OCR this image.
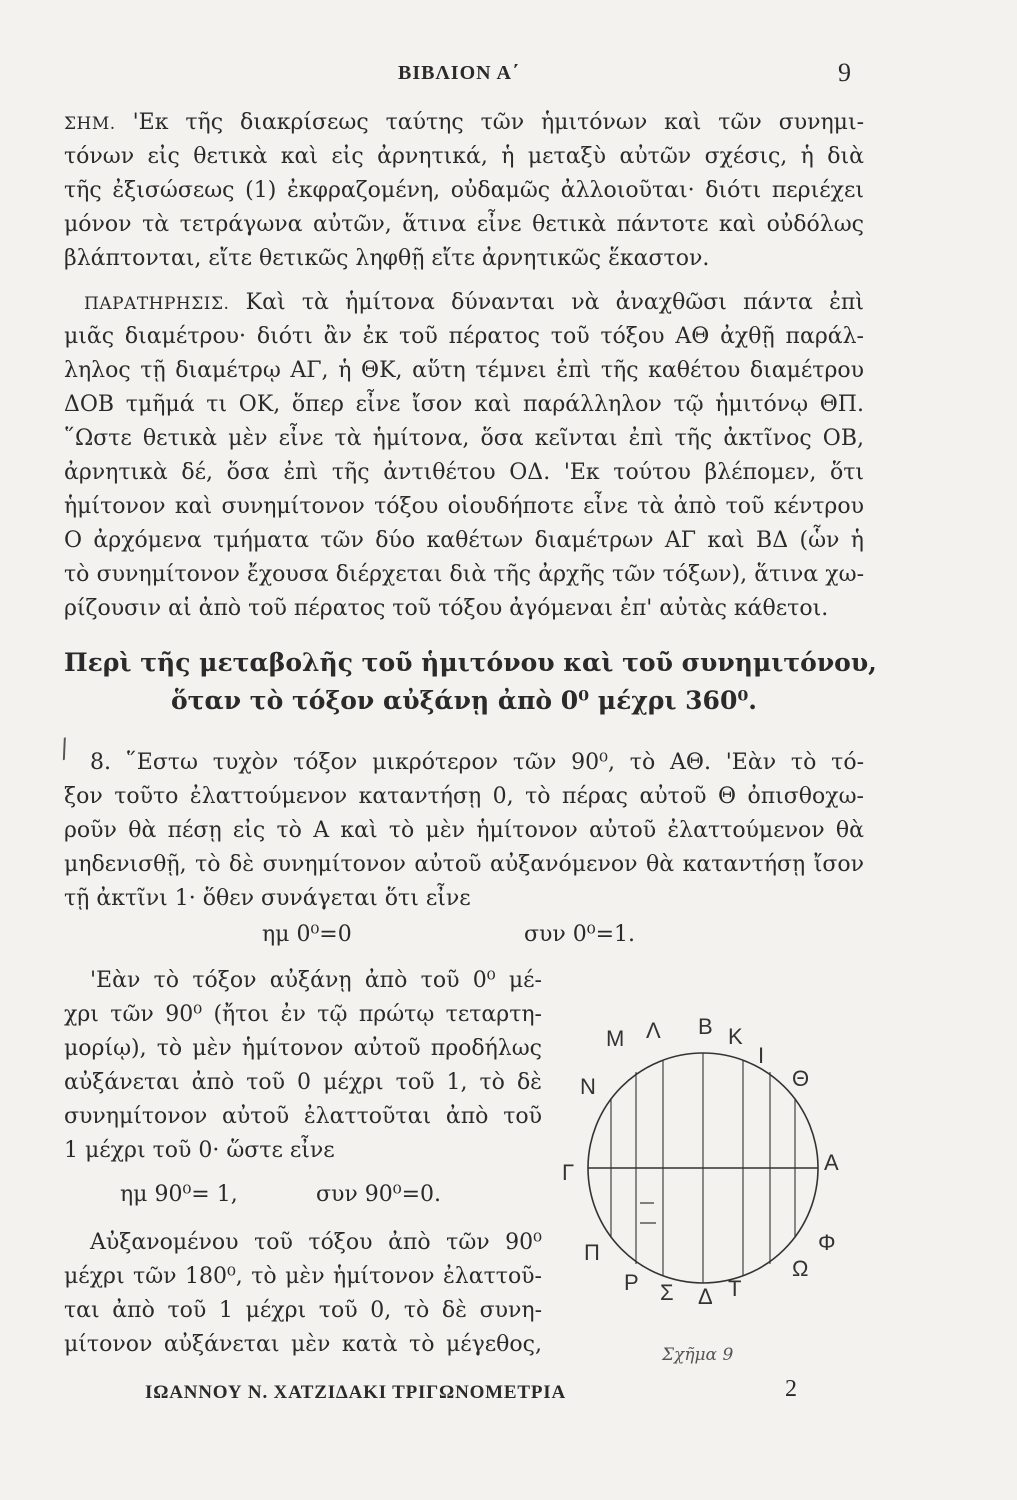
ΒΙΒΛΙΟΝ Α΄	9
ΣΗΜ. 'Εκ τῆς διακρίσεως ταύτης τῶν ἡμιτόνων καὶ τῶν συνημι-
τόνων εἰς θετικὰ καὶ εἰς ἀρνητικά, ἡ μεταξὺ αὐτῶν σχέσις, ἡ διὰ
τῆς ἐξισώσεως (1) ἐκφραζομένη, οὐδαμῶς ἀλλοιοῦται· διότι περιέχει
μόνον τὰ τετράγωνα αὐτῶν, ἅτινα εἶνε θετικὰ πάντοτε καὶ οὐδόλως
βλάπτονται, εἴτε θετικῶς ληφθῇ εἴτε ἀρνητικῶς ἕκαστον.
ΠΑΡΑΤΗΡΗΣΙΣ. Καὶ τὰ ἡμίτονα δύνανται νὰ ἀναχθῶσι πάντα ἐπὶ
μιᾶς διαμέτρου· διότι ἂν ἐκ τοῦ πέρατος τοῦ τόξου ΑΘ ἀχθῇ παράλ-
ληλος τῇ διαμέτρῳ ΑΓ, ἡ ΘΚ, αὕτη τέμνει ἐπὶ τῆς καθέτου διαμέτρου
ΔΟΒ τμῆμά τι ΟΚ, ὅπερ εἶνε ἴσον καὶ παράλληλον τῷ ἡμιτόνῳ ΘΠ.
῞Ωστε θετικὰ μὲν εἶνε τὰ ἡμίτονα, ὅσα κεῖνται ἐπὶ τῆς ἀκτῖνος ΟΒ,
ἀρνητικὰ δέ, ὅσα ἐπὶ τῆς ἀντιθέτου ΟΔ. 'Εκ τούτου βλέπομεν, ὅτι
ἡμίτονον καὶ συνημίτονον τόξου οἱουδήποτε εἶνε τὰ ἀπὸ τοῦ κέντρου
Ο ἀρχόμενα τμήματα τῶν δύο καθέτων διαμέτρων ΑΓ καὶ ΒΔ (ὧν ἡ
τὸ συνημίτονον ἔχουσα διέρχεται διὰ τῆς ἀρχῆς τῶν τόξων), ἅτινα χω-
ρίζουσιν αἱ ἀπὸ τοῦ πέρατος τοῦ τόξου ἀγόμεναι ἐπ' αὐτὰς κάθετοι.
Περὶ τῆς μεταβολῆς τοῦ ἡμιτόνου καὶ τοῦ συνημιτόνου,
ὅταν τὸ τόξον αὐξάνῃ ἀπὸ 0⁰ μέχρι 360⁰.
/ 8. ῞Εστω τυχὸν τόξον μικρότερον τῶν 90⁰, τὸ ΑΘ. 'Εὰν τὸ τό-
ξον τοῦτο ἐλαττούμενον καταντήσῃ 0, τὸ πέρας αὐτοῦ Θ ὀπισθοχω-
ροῦν θὰ πέσῃ εἰς τὸ Α καὶ τὸ μὲν ἡμίτονον αὐτοῦ ἐλαττούμενον θὰ
μηδενισθῇ, τὸ δὲ συνημίτονον αὐτοῦ αὐξανόμενον θὰ καταντήσῃ ἴσον
τῇ ἀκτῖνι 1· ὅθεν συνάγεται ὅτι εἶνε
ημ 0⁰=0	συν 0⁰=1.
'Εὰν τὸ τόξον αὐξάνῃ ἀπὸ τοῦ 0⁰ μέ-
χρι τῶν 90⁰ (ἤτοι ἐν τῷ πρώτῳ τεταρτη-
μορίῳ), τὸ μὲν ἡμίτονον αὐτοῦ προδήλως
αὐξάνεται ἀπὸ τοῦ 0 μέχρι τοῦ 1, τὸ δὲ
συνημίτονον αὐτοῦ ἐλαττοῦται ἀπὸ τοῦ
1 μέχρι τοῦ 0· ὥστε εἶνε
ημ 90⁰= 1,	συν 90⁰=0.
Αὐξανομένου τοῦ τόξου ἀπὸ τῶν 90⁰
μέχρι τῶν 180⁰, τὸ μὲν ἡμίτονον ἐλαττοῦ-
ται ἀπὸ τοῦ 1 μέχρι τοῦ 0, τὸ δὲ συνη-
μίτονον αὐξάνεται μὲν κατὰ τὸ μέγεθος,
Μ Λ Β Κ
Ι
Ν	Θ
Γ	Α
Π	Φ
Ρ Σ Δ Τ
Ω
Σχῆμα 9
ΙΩΑΝΝΟΥ Ν. ΧΑΤΖΙΔΑΚΙ ΤΡΙΓΩΝΟΜΕΤΡΙΑ	2
